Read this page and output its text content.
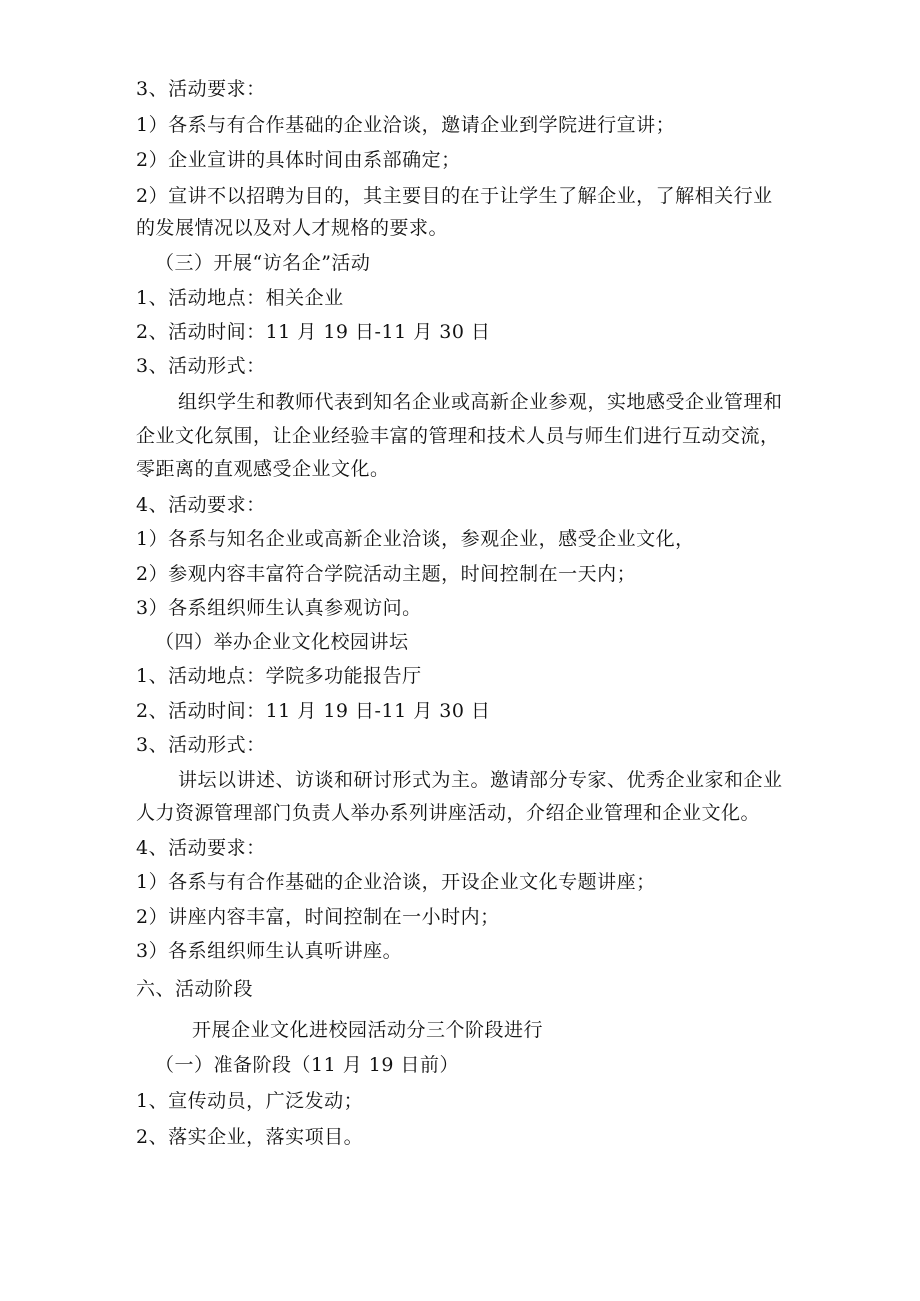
3、活动要求：
1）各系与有合作基础的企业洽谈，邀请企业到学院进行宣讲；
2）企业宣讲的具体时间由系部确定；
2）宣讲不以招聘为目的，其主要目的在于让学生了解企业，了解相关行业
的发展情况以及对人才规格的要求。
（三）开展“访名企”活动
1、活动地点：相关企业
2、活动时间：11 月 19 日-11 月 30 日
3、活动形式：
组织学生和教师代表到知名企业或高新企业参观，实地感受企业管理和
企业文化氛围，让企业经验丰富的管理和技术人员与师生们进行互动交流，
零距离的直观感受企业文化。
4、活动要求：
1）各系与知名企业或高新企业洽谈，参观企业，感受企业文化，
2）参观内容丰富符合学院活动主题，时间控制在一天内；
3）各系组织师生认真参观访问。
（四）举办企业文化校园讲坛
1、活动地点：学院多功能报告厅
2、活动时间：11 月 19 日-11 月 30 日
3、活动形式：
讲坛以讲述、访谈和研讨形式为主。邀请部分专家、优秀企业家和企业
人力资源管理部门负责人举办系列讲座活动，介绍企业管理和企业文化。
4、活动要求：
1）各系与有合作基础的企业洽谈，开设企业文化专题讲座；
2）讲座内容丰富，时间控制在一小时内；
3）各系组织师生认真听讲座。
六、活动阶段
开展企业文化进校园活动分三个阶段进行
（一）准备阶段（11 月 19 日前）
1、宣传动员，广泛发动；
2、落实企业，落实项目。
